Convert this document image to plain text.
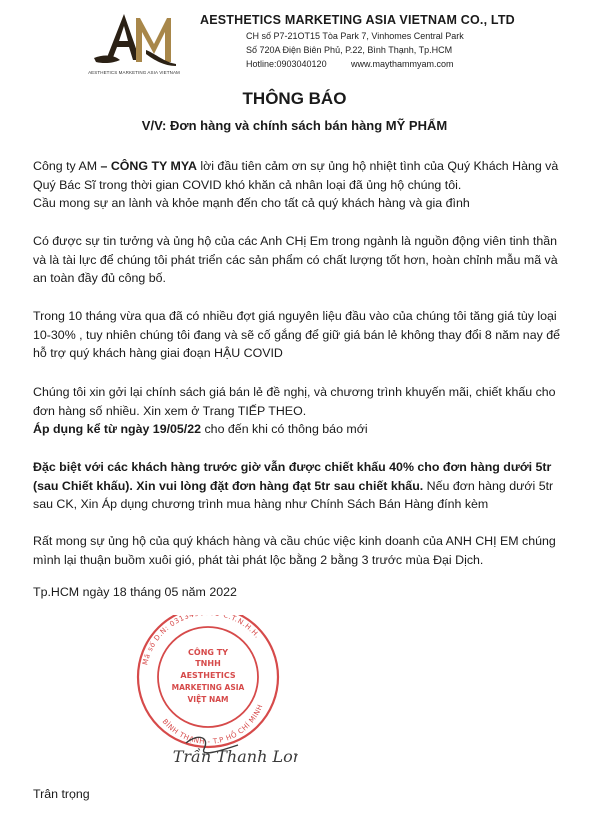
AESTHETICS MARKETING ASIA VIETNAM
AESTHETICS MARKETING ASIA VIETNAM CO., LTD
CH số P7-21OT15 Tòa Park 7, Vinhomes Central Park
Số 720A Điện Biên Phủ, P.22, Bình Thạnh, Tp.HCM
Hotline:0903040120	www.maythammyam.com
THÔNG BÁO
V/V: Đơn hàng và chính sách bán hàng MỸ PHẨM
Công ty AM – CÔNG TY MYA lời đầu tiên cảm ơn sự ủng hộ nhiệt tình của Quý Khách Hàng và Quý Bác Sĩ trong thời gian COVID khó khăn cả nhân loại đã ủng hộ chúng tôi.
Cầu mong sự an lành và khỏe mạnh đến cho tất cả quý khách hàng và gia đình
Có được sự tin tưởng và ủng hộ của các Anh CHị Em trong ngành là nguồn động viên tinh thần và là tài lực để chúng tôi phát triển các sản phẩm có chất lượng tốt hơn, hoàn chỉnh mẫu mã và an toàn đầy đủ công bố.
Trong 10 tháng vừa qua đã có nhiều đợt giá nguyên liệu đầu vào của chúng tôi tăng giá tùy loại 10-30% , tuy nhiên chúng tôi đang và sẽ cố gắng để giữ giá bán lẻ không thay đổi 8 năm nay để hỗ trợ quý khách hàng giai đoạn HẬU COVID
Chúng tôi xin gởi lại chính sách giá bán lẻ đề nghị, và chương trình khuyến mãi, chiết khấu cho đơn hàng số nhiều. Xin xem ở Trang TIẾP THEO.
Áp dụng kể từ ngày 19/05/22 cho đến khi có thông báo mới
Đặc biệt với các khách hàng trước giờ vẫn được chiết khấu 40% cho đơn hàng dưới 5tr (sau Chiết khấu). Xin vui lòng đặt đơn hàng đạt 5tr sau chiết khấu. Nếu đơn hàng dưới 5tr sau CK, Xin Áp dụng chương trình mua hàng như Chính Sách Bán Hàng đính kèm
Rất mong sự ủng hộ của quý khách hàng và cầu chúc việc kinh doanh của ANH CHỊ EM chúng mình lại thuận buồm xuôi gió, phát tài phát lộc bằng 2 bằng 3 trước mùa Đại Dịch.
Tp.HCM ngày 18 tháng 05 năm 2022
Mã số D.N: 03134 C.T.N.H.H.
BÌNH THẠNH - T.P HỒ CHÍ MINH
CÔNG TY
TNHH
AESTHETICS
MARKETING ASIA
VIỆT NAM
Trần Thanh Lo
Trân trọng
